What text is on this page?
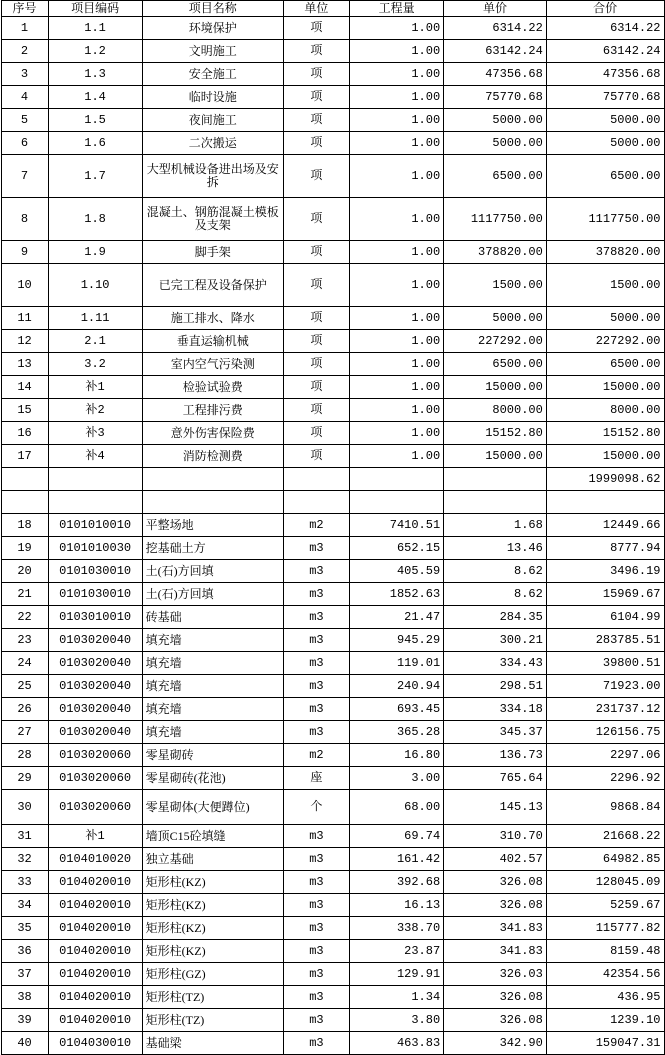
序号	项目编码	项目名称	单位	工程量	单价	合价
1	1.1	环境保护	项	1.00	6314.22	6314.22
2	1.2	文明施工	项	1.00	63142.24	63142.24
3	1.3	安全施工	项	1.00	47356.68	47356.68
4	1.4	临时设施	项	1.00	75770.68	75770.68
5	1.5	夜间施工	项	1.00	5000.00	5000.00
6	1.6	二次搬运	项	1.00	5000.00	5000.00
7	1.7	大型机械设备进出场及安拆	项	1.00	6500.00	6500.00
8	1.8	混凝土、钢筋混凝土模板及支架	项	1.00	1117750.00	1117750.00
9	1.9	脚手架	项	1.00	378820.00	378820.00
10	1.10	已完工程及设备保护	项	1.00	1500.00	1500.00
11	1.11	施工排水、降水	项	1.00	5000.00	5000.00
12	2.1	垂直运输机械	项	1.00	227292.00	227292.00
13	3.2	室内空气污染测	项	1.00	6500.00	6500.00
14	补1	检验试验费	项	1.00	15000.00	15000.00
15	补2	工程排污费	项	1.00	8000.00	8000.00
16	补3	意外伤害保险费	项	1.00	15152.80	15152.80
17	补4	消防检测费	项	1.00	15000.00	15000.00

				1999098.62

18	0101010010	平整场地	m2	7410.51	1.68	12449.66
19	0101010030	挖基础土方	m3	652.15	13.46	8777.94
20	0101030010	土(石)方回填	m3	405.59	8.62	3496.19
21	0101030010	土(石)方回填	m3	1852.63	8.62	15969.67
22	0103010010	砖基础	m3	21.47	284.35	6104.99
23	0103020040	填充墙	m3	945.29	300.21	283785.51
24	0103020040	填充墙	m3	119.01	334.43	39800.51
25	0103020040	填充墙	m3	240.94	298.51	71923.00
26	0103020040	填充墙	m3	693.45	334.18	231737.12
27	0103020040	填充墙	m3	365.28	345.37	126156.75
28	0103020060	零星砌砖	m2	16.80	136.73	2297.06
29	0103020060	零星砌砖(花池)	座	3.00	765.64	2296.92
30	0103020060	零星砌体(大便蹲位)	个	68.00	145.13	9868.84
31	补1	墙顶C15砼填缝	m3	69.74	310.70	21668.22
32	0104010020	独立基础	m3	161.42	402.57	64982.85
33	0104020010	矩形柱(KZ)	m3	392.68	326.08	128045.09
34	0104020010	矩形柱(KZ)	m3	16.13	326.08	5259.67
35	0104020010	矩形柱(KZ)	m3	338.70	341.83	115777.82
36	0104020010	矩形柱(KZ)	m3	23.87	341.83	8159.48
37	0104020010	矩形柱(GZ)	m3	129.91	326.03	42354.56
38	0104020010	矩形柱(TZ)	m3	1.34	326.08	436.95
39	0104020010	矩形柱(TZ)	m3	3.80	326.08	1239.10
40	0104030010	基础梁	m3	463.83	342.90	159047.31
